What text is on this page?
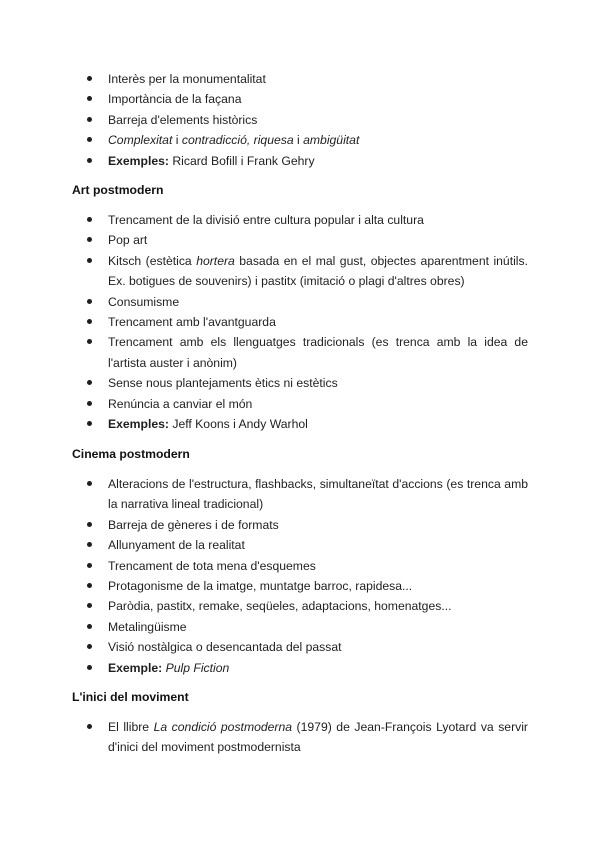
Interès per la monumentalitat
Importància de la façana
Barreja d'elements històrics
Complexitat i contradicció, riquesa i ambigüitat
Exemples: Ricard Bofill i Frank Gehry
Art postmodern
Trencament de la divisió entre cultura popular i alta cultura
Pop art
Kitsch (estètica hortera basada en el mal gust, objectes aparentment inútils. Ex. botigues de souvenirs) i pastitx (imitació o plagi d'altres obres)
Consumisme
Trencament amb l'avantguarda
Trencament amb els llenguatges tradicionals (es trenca amb la idea de l'artista auster i anònim)
Sense nous plantejaments ètics ni estètics
Renúncia a canviar el món
Exemples: Jeff Koons i Andy Warhol
Cinema postmodern
Alteracions de l'estructura, flashbacks, simultaneïtat d'accions (es trenca amb la narrativa lineal tradicional)
Barreja de gèneres i de formats
Allunyament de la realitat
Trencament de tota mena d'esquemes
Protagonisme de la imatge, muntatge barroc, rapidesa...
Paròdia, pastitx, remake, seqüeles, adaptacions, homenatges...
Metalingüisme
Visió nostàlgica o desencantada del passat
Exemple: Pulp Fiction
L'inici del moviment
El llibre La condició postmoderna (1979) de Jean-François Lyotard va servir d'inici del moviment postmodernista
